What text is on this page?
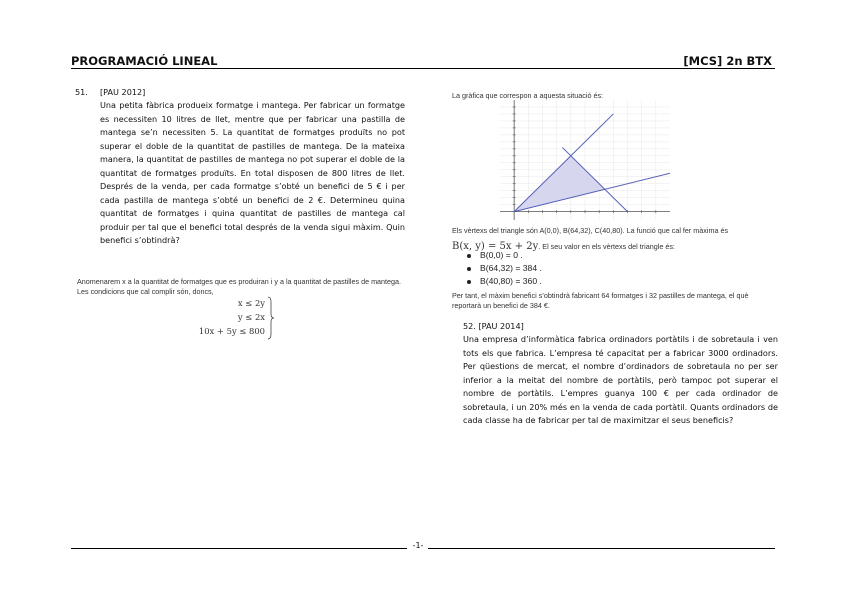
PROGRAMACIÓ LINEAL	[MCS] 2n BTX
51. [PAU 2012]
Una petita fàbrica produeix formatge i mantega. Per fabricar un formatge es necessiten 10 litres de llet, mentre que per fabricar una pastilla de mantega se’n necessiten 5. La quantitat de formatges produïts no pot superar el doble de la quantitat de pastilles de mantega. De la mateixa manera, la quantitat de pastilles de mantega no pot superar el doble de la quantitat de formatges produïts. En total disposen de 800 litres de llet. Després de la venda, per cada formatge s’obté un benefici de 5 € i per cada pastilla de mantega s’obté un benefici de 2 €. Determineu quina quantitat de formatges i quina quantitat de pastilles de mantega cal produir per tal que el benefici total després de la venda sigui màxim. Quin benefici s’obtindrà?
Anomenarem x a la quantitat de formatges que es produiran i y a la quantitat de pastilles de mantega. Les condicions que cal complir són, doncs,
x ≤ 2y
y ≤ 2x
10x + 5y ≤ 800
La gràfica que correspon a aquesta situació és:
Els vèrtexs del triangle són A(0,0), B(64,32), C(40,80). La funció que cal fer màxima és
B(x, y) = 5x + 2y. El seu valor en els vèrtexs del triangle és:
B(0,0) = 0 .
B(64,32) = 384 .
B(40,80) = 360 .
Per tant, el màxim benefici s’obtindrà fabricant 64 formatges i 32 pastilles de mantega, el què reportarà un benefici de 384 €.
52. [PAU 2014]
Una empresa d’informàtica fabrica ordinadors portàtils i de sobretaula i ven tots els que fabrica. L’empresa té capacitat per a fabricar 3000 ordinadors. Per qüestions de mercat, el nombre d’ordinadors de sobretaula no per ser inferior a la meitat del nombre de portàtils, però tampoc pot superar el nombre de portàtils. L’empres guanya 100 € per cada ordinador de sobretaula, i un 20% més en la venda de cada portàtil. Quants ordinadors de cada classe ha de fabricar per tal de maximitzar el seus beneficis?
-1-
